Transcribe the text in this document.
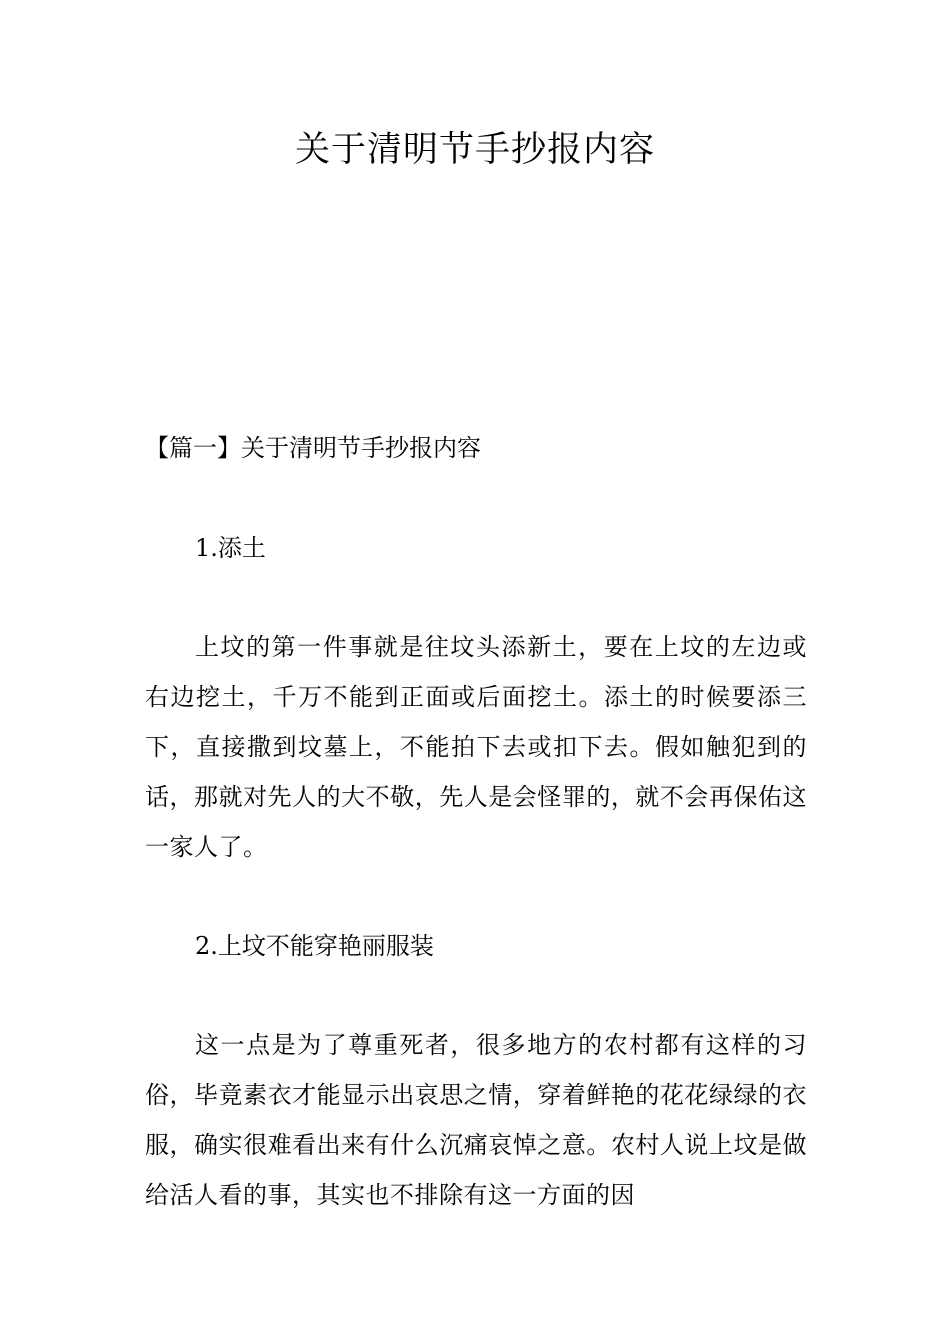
关于清明节手抄报内容

【篇一】关于清明节手抄报内容

1.添土

上坟的第一件事就是往坟头添新土，要在上坟的左边或右边挖土，千万不能到正面或后面挖土。添土的时候要添三下，直接撒到坟墓上，不能拍下去或扣下去。假如触犯到的话，那就对先人的大不敬，先人是会怪罪的，就不会再保佑这一家人了。

2.上坟不能穿艳丽服装

这一点是为了尊重死者，很多地方的农村都有这样的习俗，毕竟素衣才能显示出哀思之情，穿着鲜艳的花花绿绿的衣服，确实很难看出来有什么沉痛哀悼之意。农村人说上坟是做给活人看的事，其实也不排除有这一方面的因
